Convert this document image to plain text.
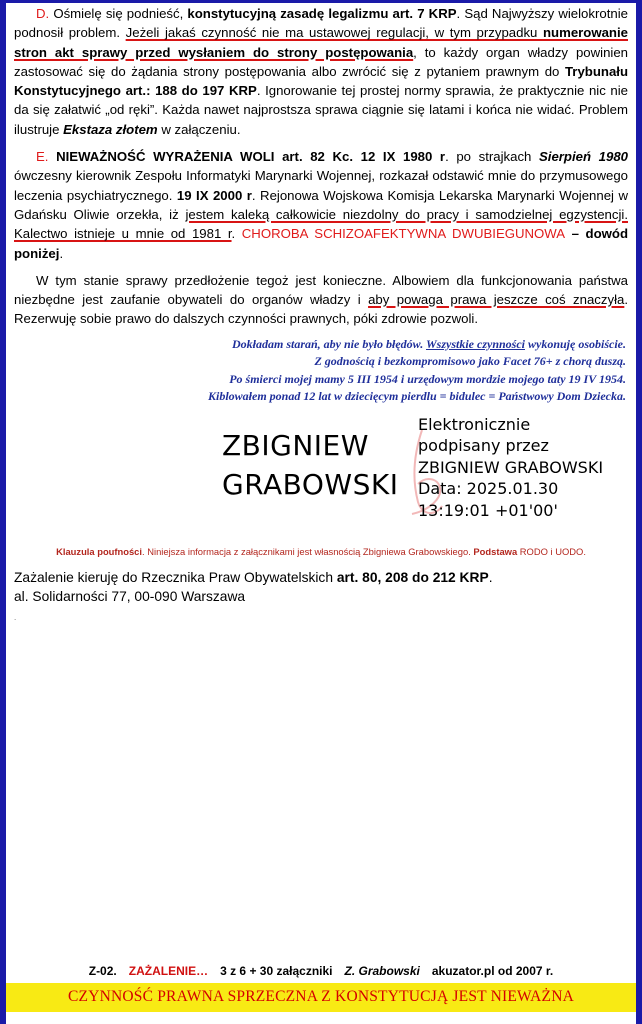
D. Ośmielę się podnieść, konstytucyjną zasadę legalizmu art. 7 KRP. Sąd Najwyższy wielokrotnie podnosił problem. Jeżeli jakaś czynność nie ma ustawowej regulacji, w tym przypadku numerowanie stron akt sprawy przed wysłaniem do strony postępowania, to każdy organ władzy powinien zastosować się do żądania strony postępowania albo zwrócić się z pytaniem prawnym do Trybunału Konstytucyjnego art.: 188 do 197 KRP. Ignorowanie tej prostej normy sprawia, że praktycznie nic nie da się załatwić „od ręki”. Każda nawet najprostsza sprawa ciągnie się latami i końca nie widać. Problem ilustruje Ekstaza złotem w załączeniu.

E. NIEWAŻNOŚĆ WYRAŻENIA WOLI art. 82 Kc. 12 IX 1980 r. po strajkach Sierpień 1980 ówczesny kierownik Zespołu Informatyki Marynarki Wojennej, rozkazał odstawić mnie do przymusowego leczenia psychiatrycznego. 19 IX 2000 r. Rejonowa Wojskowa Komisja Lekarska Marynarki Wojennej w Gdańsku Oliwie orzekła, iż jestem kaleką całkowicie niezdolny do pracy i samodzielnej egzystencji. Kalectwo istnieje u mnie od 1981 r. CHOROBA SCHIZOAFEKTYWNA DWUBIEGUNOWA – dowód poniżej.

W tym stanie sprawy przedłożenie tegoż jest konieczne. Albowiem dla funkcjonowania państwa niezbędne jest zaufanie obywateli do organów władzy i aby powaga prawa jeszcze coś znaczyła. Rezerwuję sobie prawo do dalszych czynności prawnych, póki zdrowie pozwoli.

Dokładam starań, aby nie było błędów. Wszystkie czynności wykonuję osobiście.
Z godnością i bezkompromisowo jako Facet 76+ z chorą duszą.
Po śmierci mojej mamy 5 III 1954 i urzędowym mordzie mojego taty 19 IV 1954.
Kiblowałem ponad 12 lat w dziecięcym pierdlu = bidulec = Państwowy Dom Dziecka.
ZBIGNIEW
GRABOWSKI
Elektronicznie
podpisany przez
ZBIGNIEW GRABOWSKI
Data: 2025.01.30
13:19:01 +01'00'
Klauzula poufności. Niniejsza informacja z załącznikami jest własnością Zbigniewa Grabowskiego. Podstawa RODO i UODO.
Zażalenie kieruję do Rzecznika Praw Obywatelskich art. 80, 208 do 212 KRP.
al. Solidarności 77, 00-090 Warszawa
.
Z-02. ZAŻALENIE… 3 z 6 + 30 załączniki Z. Grabowski akuzator.pl od 2007 r.
CZYNNOŚĆ PRAWNA SPRZECZNA Z KONSTYTUCJĄ JEST NIEWAŻNA
